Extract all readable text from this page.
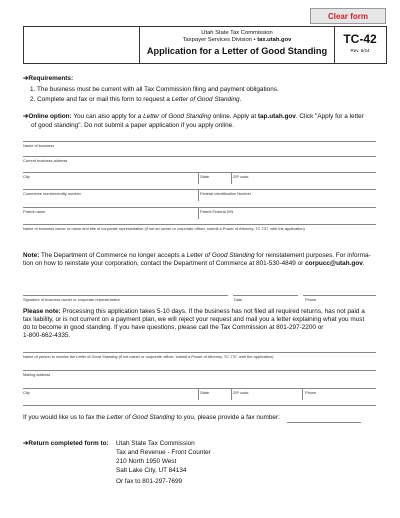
Clear form
Utah State Tax Commission
Taxpayer Services Division • tax.utah.gov
Application for a Letter of Good Standing
TC-42
Rev. 6/24
➔Requirements:
1. The business must be current with all Tax Commission filing and payment obligations.
2. Complete and fax or mail this form to request a Letter of Good Standing.
➔Online option: You can also apply for a Letter of Good Standing online. Apply at tap.utah.gov. Click "Apply for a letter
of good standing". Do not submit a paper application if you apply online.
Name of business
Current business address
City	State	ZIP code
Commerce number/entity number	Federal Identification Number
Parent name	Parent Federal EIN
Name of business owner or name and title of corporate representative (if not an owner or corporate officer, submit a Power of Attorney, TC-737, with the application)
Note: The Department of Commerce no longer accepts a Letter of Good Standing for reinstatement purposes. For informa-
tion on how to reinstate your corporation, contact the Department of Commerce at 801-530-4849 or corpucc@utah.gov.
Signature of business owner or corporate representative	Date	Phone
Please note: Processing this application takes 5-10 days. If the business has not filed all required returns, has not paid a
tax liability, or is not current on a payment plan, we will reject your request and mail you a letter explaining what you must
do to become in good standing. If you have questions, please call the Tax Commission at 801-297-2200 or
1-800-662-4335.
Name of person to receive the Letter of Good Standing (if not owner or corporate officer, submit a Power of Attorney, TC-737, with the application)
Mailing address
City	State	ZIP code	Phone
If you would like us to fax the Letter of Good Standing to you, please provide a fax number:
➔Return completed form to: Utah State Tax Commission
Tax and Revenue - Front Counter
210 North 1950 West
Salt Lake City, UT 84134
Or fax to 801-297-7699
